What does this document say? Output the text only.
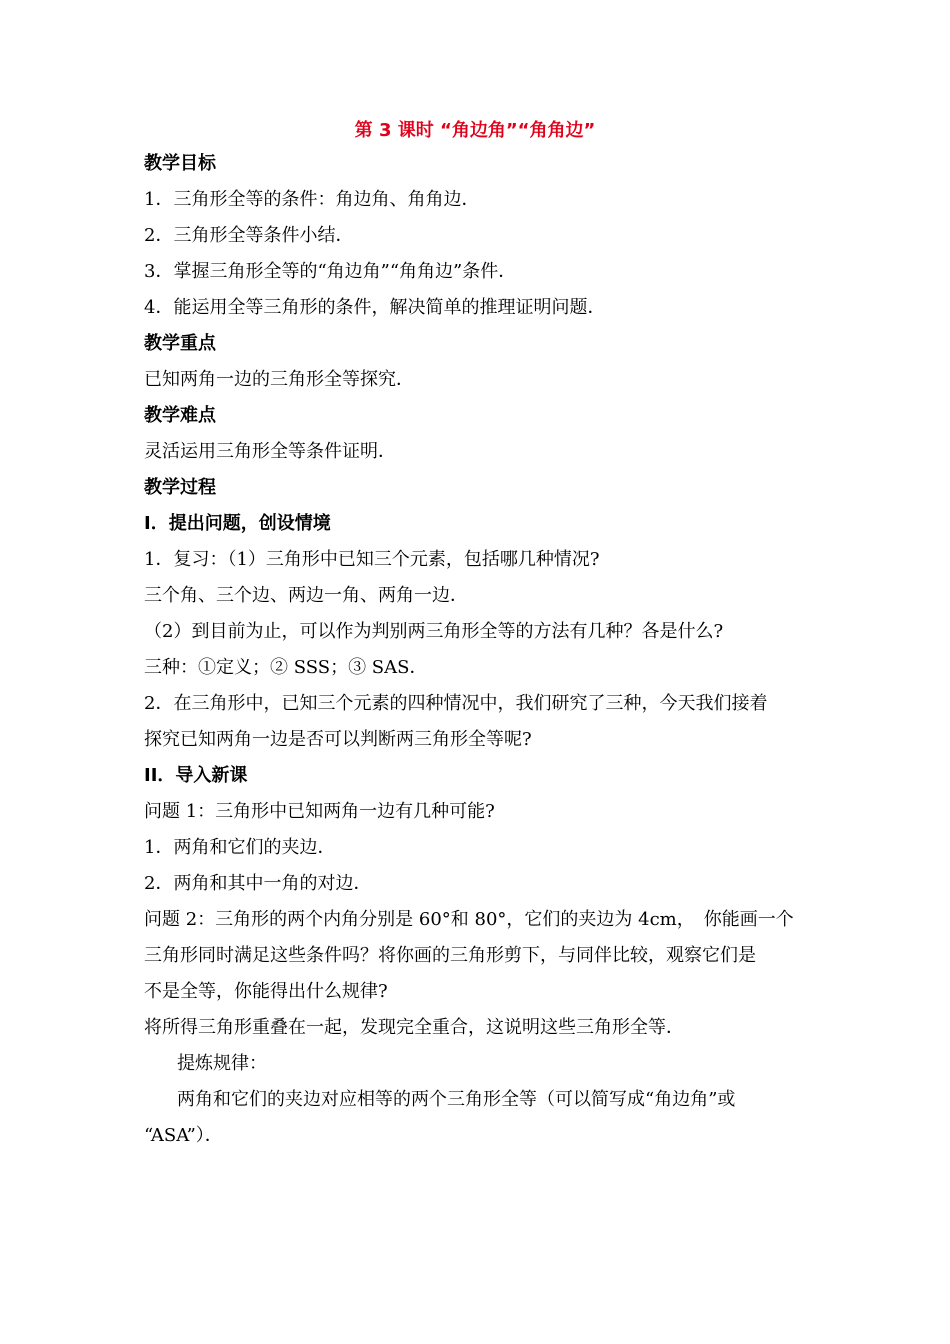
第 3 课时 “角边角”“角角边”
教学目标
1．三角形全等的条件：角边角、角角边．
2．三角形全等条件小结．
3．掌握三角形全等的“角边角”“角角边”条件．
4．能运用全等三角形的条件，解决简单的推理证明问题．
教学重点
已知两角一边的三角形全等探究．
教学难点
灵活运用三角形全等条件证明．
教学过程
I．提出问题，创设情境
1．复习：（1）三角形中已知三个元素，包括哪几种情况?
三个角、三个边、两边一角、两角一边．
（2）到目前为止，可以作为判别两三角形全等的方法有几种？各是什么?
三种：①定义；② SSS；③ SAS．
2．在三角形中，已知三个元素的四种情况中，我们研究了三种，今天我们接着
探究已知两角一边是否可以判断两三角形全等呢?
II．导入新课
问题 1：三角形中已知两角一边有几种可能?
1．两角和它们的夹边．
2．两角和其中一角的对边．
问题 2：三角形的两个内角分别是 60°和 80°，它们的夹边为 4cm，　你能画一个
三角形同时满足这些条件吗？将你画的三角形剪下，与同伴比较，观察它们是
不是全等，你能得出什么规律?
将所得三角形重叠在一起，发现完全重合，这说明这些三角形全等．
提炼规律：
两角和它们的夹边对应相等的两个三角形全等（可以简写成“角边角”或
“ASA”）．
